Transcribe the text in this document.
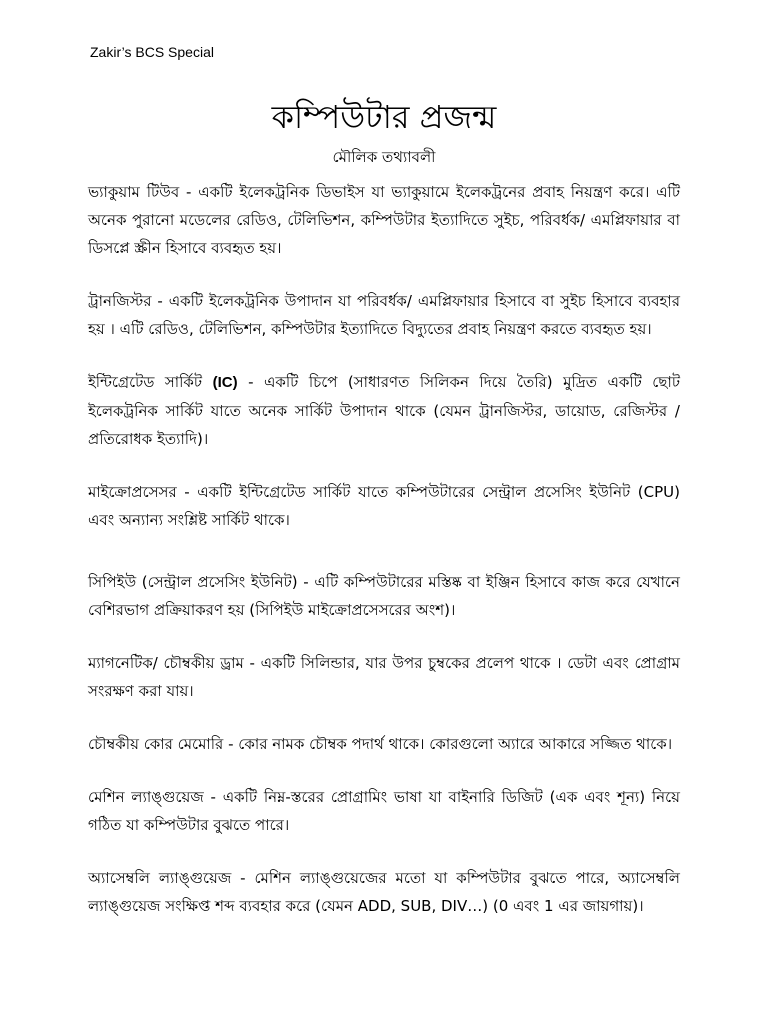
Zakir’s BCS Special
কম্পিউটার প্রজন্ম
মৌলিক তথ্যাবলী

ভ্যাকুয়াম টিউব - একটি ইলেকট্রনিক ডিভাইস যা ভ্যাকুয়ামে ইলেকট্রনের প্রবাহ নিয়ন্ত্রণ করে। এটি অনেক পুরানো মডেলের রেডিও, টেলিভিশন, কম্পিউটার ইত্যাদিতে সুইচ, পরিবর্ধক/ এমপ্লিফায়ার বা ডিসপ্লে স্ক্রীন হিসাবে ব্যবহৃত হয়।

ট্রানজিস্টর - একটি ইলেকট্রনিক উপাদান যা পরিবর্ধক/ এমপ্লিফায়ার হিসাবে বা সুইচ হিসাবে ব্যবহার হয় । এটি রেডিও, টেলিভিশন, কম্পিউটার ইত্যাদিতে বিদ্যুতের প্রবাহ নিয়ন্ত্রণ করতে ব্যবহৃত হয়।

ইন্টিগ্রেটেড সার্কিট (IC) - একটি চিপে (সাধারণত সিলিকন দিয়ে তৈরি) মুদ্রিত একটি ছোট ইলেকট্রনিক সার্কিট যাতে অনেক সার্কিট উপাদান থাকে (যেমন ট্রানজিস্টর, ডায়োড, রেজিস্টর / প্রতিরোধক ইত্যাদি)।

মাইক্রোপ্রসেসর - একটি ইন্টিগ্রেটেড সার্কিট যাতে কম্পিউটারের সেন্ট্রাল প্রসেসিং ইউনিট (CPU) এবং অন্যান্য সংশ্লিষ্ট সার্কিট থাকে।

সিপিইউ (সেন্ট্রাল প্রসেসিং ইউনিট) - এটি কম্পিউটারের মস্তিষ্ক বা ইঞ্জিন হিসাবে কাজ করে যেখানে বেশিরভাগ প্রক্রিয়াকরণ হয় (সিপিইউ মাইক্রোপ্রসেসরের অংশ)।

ম্যাগনেটিক/ চৌম্বকীয় ড্রাম - একটি সিলিন্ডার, যার উপর চুম্বকের প্রলেপ থাকে । ডেটা এবং প্রোগ্রাম সংরক্ষণ করা যায়।

চৌম্বকীয় কোর মেমোরি - কোর নামক চৌম্বক পদার্থ থাকে। কোরগুলো অ্যারে আকারে সজ্জিত থাকে।

মেশিন ল্যাঙ্গুয়েজ - একটি নিম্ন-স্তরের প্রোগ্রামিং ভাষা যা বাইনারি ডিজিট (এক এবং শূন্য) নিয়ে গঠিত যা কম্পিউটার বুঝতে পারে।

অ্যাসেম্বলি ল্যাঙ্গুয়েজ - মেশিন ল্যাঙ্গুয়েজের মতো যা কম্পিউটার বুঝতে পারে, অ্যাসেম্বলি ল্যাঙ্গুয়েজ সংক্ষিপ্ত শব্দ ব্যবহার করে (যেমন ADD, SUB, DIV…) (0 এবং 1 এর জায়গায়)।
